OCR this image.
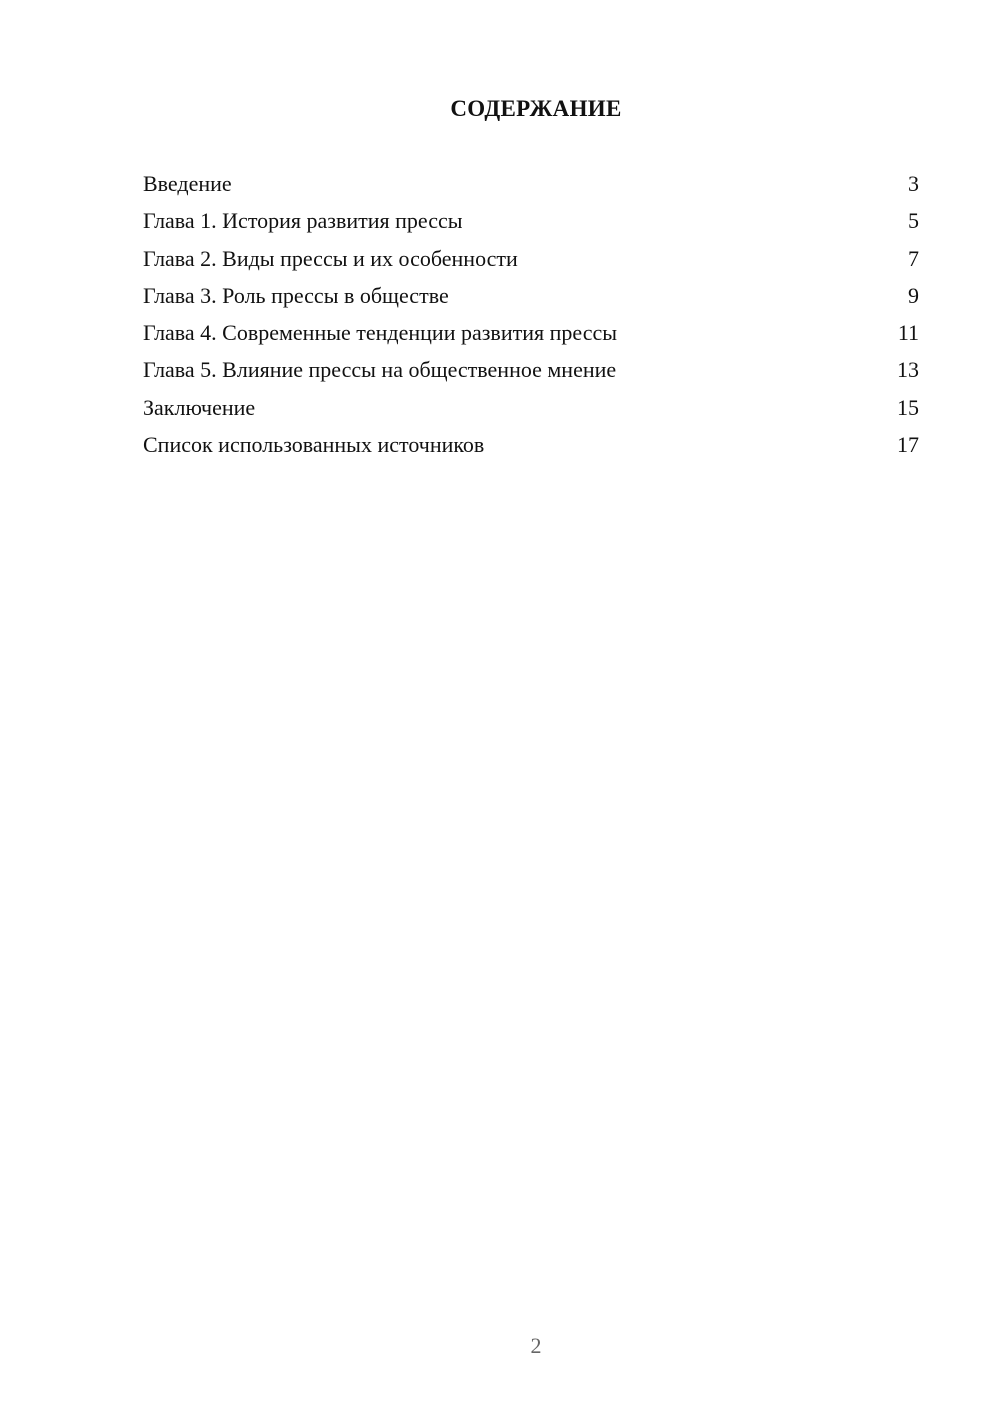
СОДЕРЖАНИЕ
Введение	3
Глава 1. История развития прессы	5
Глава 2. Виды прессы и их особенности	7
Глава 3. Роль прессы в обществе	9
Глава 4. Современные тенденции развития прессы	11
Глава 5. Влияние прессы на общественное мнение	13
Заключение	15
Список использованных источников	17
2
